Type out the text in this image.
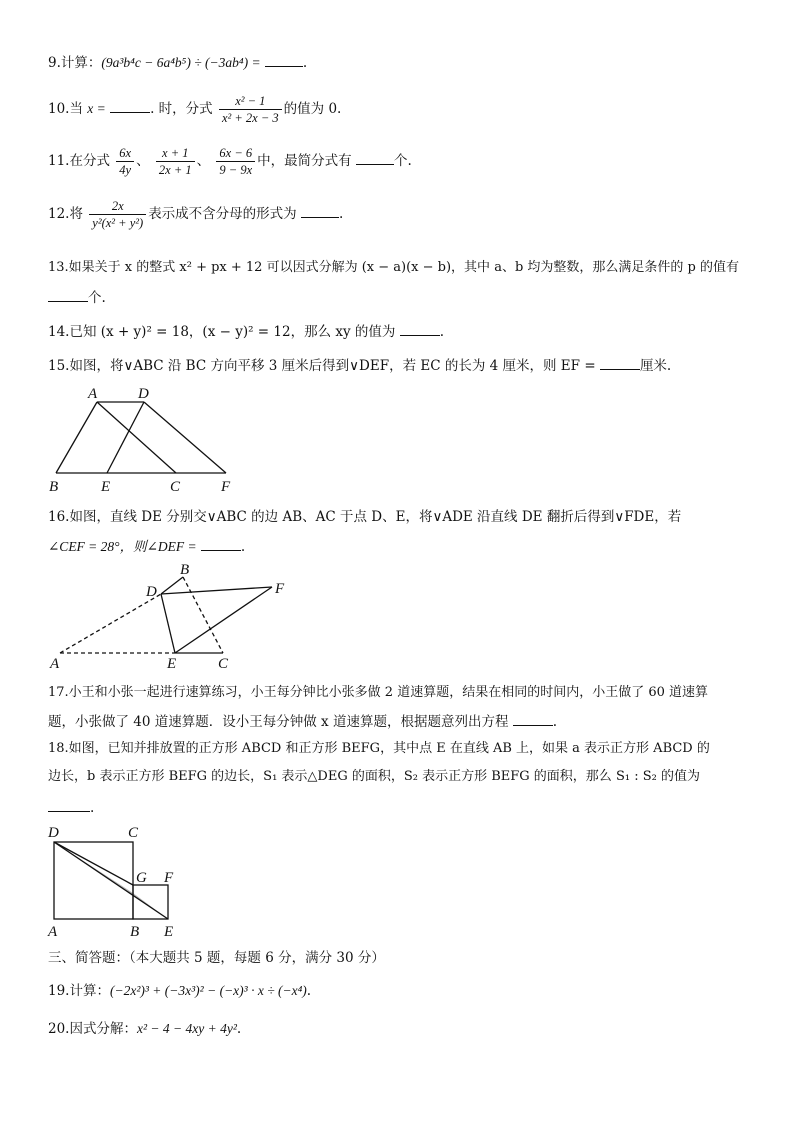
9.计算：(9a³b⁴c − 6a⁴b⁵) ÷ (−3ab⁴) =	.
10.当 x =	. 时，分式 $\frac{\text{x² − 1}}{\text{x² + 2x − 3}}$ 的值为 0.
11.在分式 $\frac{6x}{4y}$ 、 $\frac{x + 1}{2x + 1}$ 、 $\frac{6x - 6}{9 - 9x}$ 中，最简分式有	个.
12.将 $\frac{2x}{\text{y²(x² + y²)}}$ 表示成不含分母的形式为	.
13.如果关于 x 的整式 x² + px + 12 可以因式分解为 (x − a)(x − b)，其中 a、b 均为整数，那么满足条件的 p 的值有
个.
14.已知 (x + y)² = 18，(x − y)² = 12，那么 xy 的值为	.
15.如图，将∨ABC 沿 BC 方向平移 3 厘米后得到∨DEF，若 EC 的长为 4 厘米，则 EF =	厘米.
A	D
B	E	C	F
16.如图，直线 DE 分别交∨ABC 的边 AB、AC 于点 D、E，将∨ADE 沿直线 DE 翻折后得到∨FDE，若
∠CEF = 28°，则∠DEF =	.
B
D	F
A	E	C
17.小王和小张一起进行速算练习，小王每分钟比小张多做 2 道速算题，结果在相同的时间内，小王做了 60 道速算
题，小张做了 40 道速算题．设小王每分钟做 x 道速算题，根据题意列出方程	.
18.如图，已知并排放置的正方形 ABCD 和正方形 BEFG，其中点 E 在直线 AB 上，如果 a 表示正方形 ABCD 的
边长，b 表示正方形 BEFG 的边长，S₁ 表示△DEG 的面积，S₂ 表示正方形 BEFG 的面积，那么 S₁ : S₂ 的值为
.
D	C
G F
A	B E
三、简答题：（本大题共 5 题，每题 6 分，满分 30 分）
19.计算：(−2x²)³ + (−3x³)² − (−x)³ · x ÷ (−x⁴).
20.因式分解：x² − 4 − 4xy + 4y².
